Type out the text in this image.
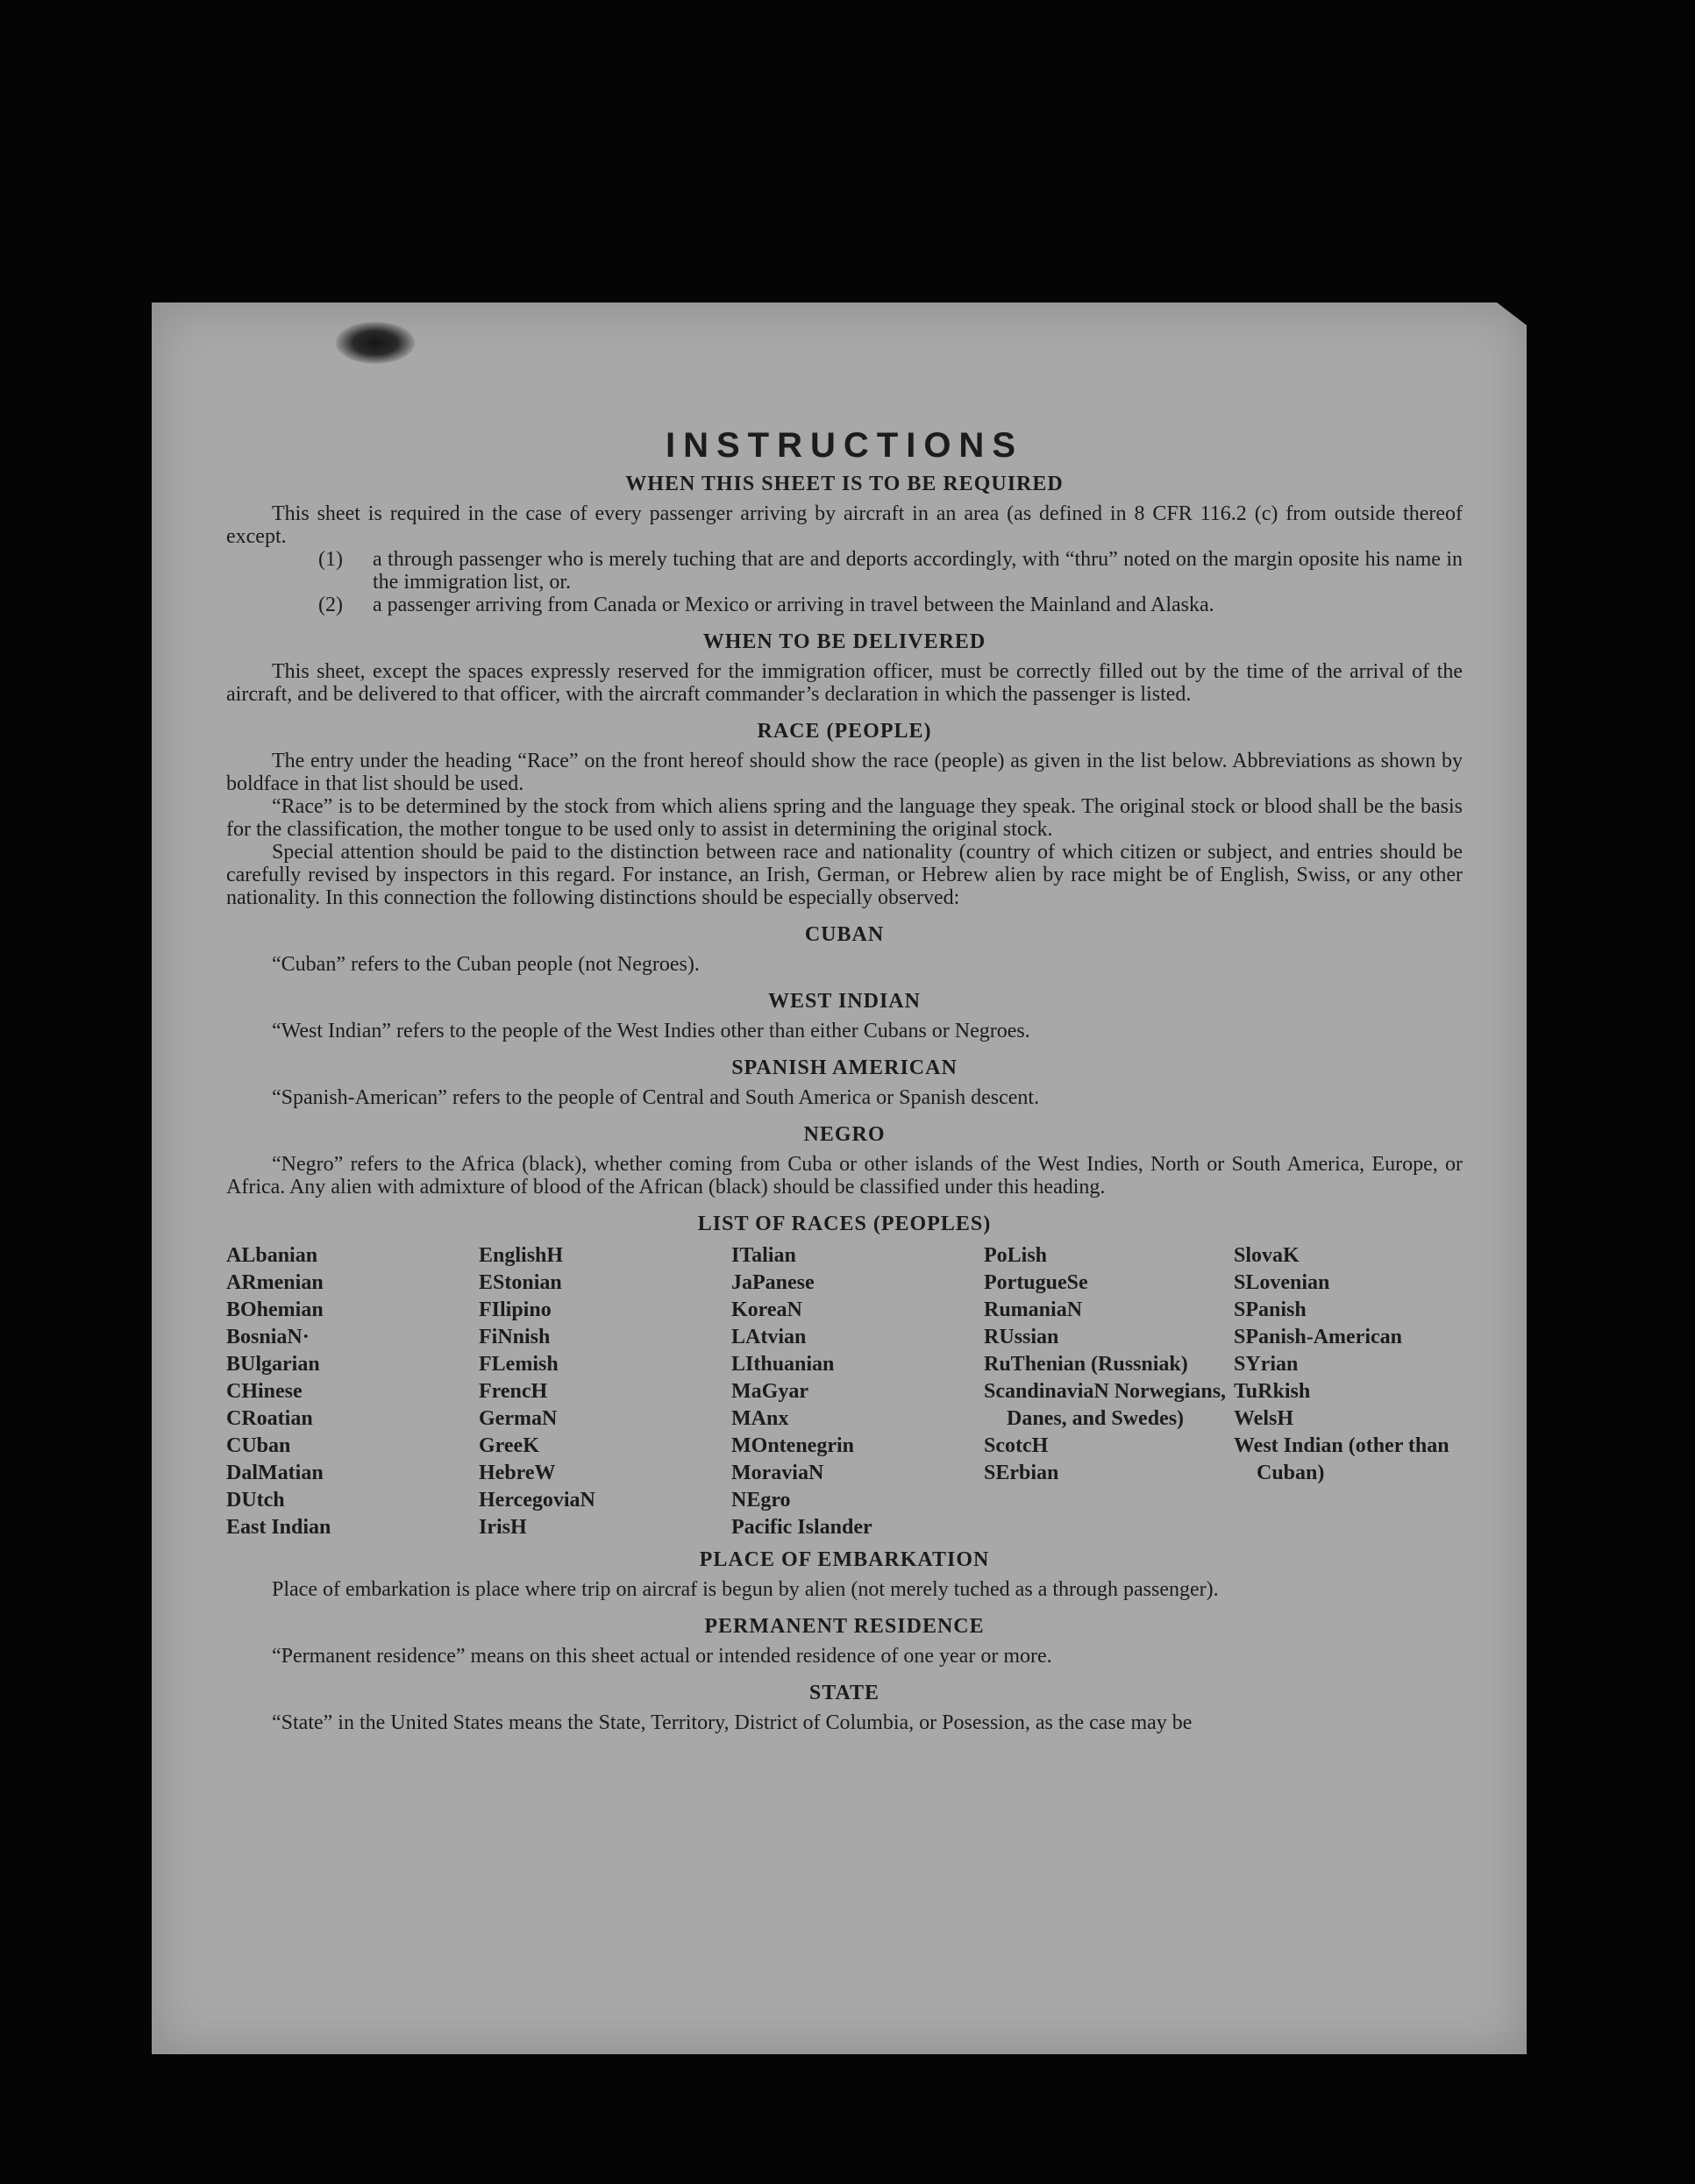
INSTRUCTIONS
WHEN THIS SHEET IS TO BE REQUIRED

This sheet is required in the case of every passenger arriving by aircraft in an area (as defined in 8 CFR 116.2 (c) from outside thereof except.

(1) a through passenger who is merely tuching that are and deports accordingly, with “thru” noted on the margin oposite his name in the immigration list, or.
(2) a passenger arriving from Canada or Mexico or arriving in travel between the Mainland and Alaska.
WHEN TO BE DELIVERED

This sheet, except the spaces expressly reserved for the immigration officer, must be correctly filled out by the time of the arrival of the aircraft, and be delivered to that officer, with the aircraft commander’s declaration in which the passenger is listed.

RACE (PEOPLE)

The entry under the heading “Race” on the front hereof should show the race (people) as given in the list below. Abbreviations as shown by boldface in that list should be used.

“Race” is to be determined by the stock from which aliens spring and the language they speak. The original stock or blood shall be the basis for the classification, the mother tongue to be used only to assist in determining the original stock.

Special attention should be paid to the distinction between race and nationality (country of which citizen or subject, and entries should be carefully revised by inspectors in this regard. For instance, an Irish, German, or Hebrew alien by race might be of English, Swiss, or any other nationality. In this connection the following distinctions should be especially observed:

CUBAN

“Cuban” refers to the Cuban people (not Negroes).

WEST INDIAN

“West Indian” refers to the people of the West Indies other than either Cubans or Negroes.

SPANISH AMERICAN

“Spanish-American” refers to the people of Central and South America or Spanish descent.

NEGRO

“Negro” refers to the Africa (black), whether coming from Cuba or other islands of the West Indies, North or South America, Europe, or Africa. Any alien with admixture of blood of the African (black) should be classified under this heading.

LIST OF RACES (PEOPLES)
ALbanian
ARmenian
BOhemian
BosniaN·
BUlgarian
CHinese
CRoatian
CUban
DalMatian
DUtch
East Indian
EnglishH
EStonian
FIlipino
FiNnish
FLemish
FrencH
GermaN
GreeK
HebreW
HercegoviaN
IrisH
ITalian
JaPanese
KoreaN
LAtvian
LIthuanian
MaGyar
MAnx
MOntenegrin
MoraviaN
NEgro
Pacific Islander
PoLish
PortugueSe
RumaniaN
RUssian
RuThenian (Russniak)
ScandinaviaN Norwegians, Danes, and Swedes)
ScotcH
SErbian
SlovaK
SLovenian
SPanish
SPanish-American
SYrian
TuRkish
WelsH
West Indian (other than Cuban)
PLACE OF EMBARKATION

Place of embarkation is place where trip on aircraf is begun by alien (not merely tuched as a through passenger).

PERMANENT RESIDENCE

“Permanent residence” means on this sheet actual or intended residence of one year or more.

STATE

“State” in the United States means the State, Territory, District of Columbia, or Posession, as the case may be
